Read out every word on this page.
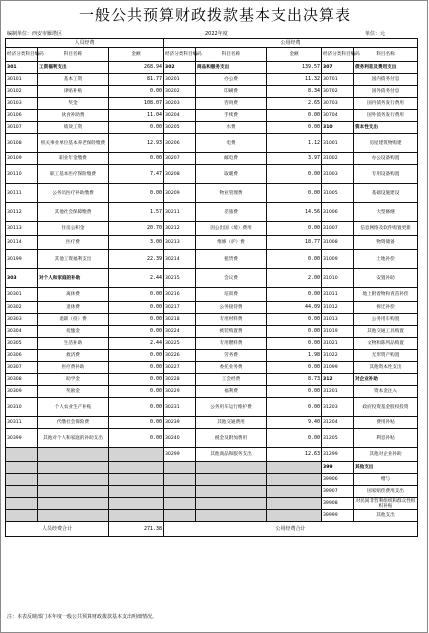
一般公共预算财政拨款基本支出决算表
编制单位：西安市雁塔区	2022年度	单位：元
人员经费			公用经费				
经济分类科目编码	科目名称	金额	经济分类科目编码	科目名称	金额	经济分类科目编码	科目名称
301	工资福利支出	268.94	302	商品和服务支出	139.57	307	债务利息及费用支出
30101	基本工资	81.77	30201	办公费	11.32	30701	国内债务付息
30102	津贴补贴	0.00	30202	印刷费	8.34	30702	国外债务付息
30103	奖金	108.07	30203	咨询费	2.65	30703	国内债务发行费用
30106	伙食补助费	11.04	30204	手续费	0.00	30704	国外债务发行费用
30107	绩效工资	0.00	30205	水费	0.00	310	资本性支出
30108	机关事业单位基本养老保险缴费	12.93	30206	电费	1.12	31001	房屋建筑物购建
30109	职业年金缴费	0.00	30207	邮电费	3.97	31002	办公设备购置
30110	职工基本医疗保险缴费	7.47	30208	取暖费	0.00	31003	专用设备购置
30111	公务员医疗补助缴费	0.00	30209	物业管理费	0.00	31005	基础设施建设
30112	其他社会保障缴费	1.57	30211	差旅费	14.56	31006	大型修缮
30113	住房公积金	20.70	30212	因公出国（境）费用	0.00	31007	信息网络及软件购置更新
30114	医疗费	3.00	30213	维修（护）费	18.77	31008	物资储备
30199	其他工资福利支出	22.39	30214	租赁费	0.00	31009	土地补偿
303	对个人和家庭的补助	2.44	30215	会议费	2.00	31010	安置补助
30301	离休费	0.00	30216	培训费	0.00	31011	地上附着物和青苗补偿
30302	退休费	0.00	30217	公务接待费	44.09	31012	拆迁补偿
30303	退职（役）费	0.00	30218	专用材料费	0.00	31013	公务用车购置
30304	抚恤金	0.00	30224	被装购置费	0.00	31019	其他交通工具购置
30305	生活补助	2.44	30225	专用燃料费	0.00	31021	文物和陈列品购置
30306	救济费	0.00	30226	劳务费	1.98	31022	无形资产购置
30307	医疗费补助	0.00	30227	委托业务费	0.00	31099	其他资本性支出
30308	助学金	0.00	30228	工会经费	8.73	312	对企业补助
30309	奖励金	0.00	30229	福利费	0.00	31201	资本金注入
30310	个人农业生产补贴	0.00	30231	公务用车运行维护费	0.00	31203	政府投资基金股权投资
30311	代缴社会保险费	0.00	30239	其他交通费用	9.40	31204	费用补贴
30399	其他对个人和家庭的补助支出	0.00	30240	税金及附加费用	0.00	31205	利息补贴
			30299	其他商品和服务支出	12.63	31299	其他对企业补助
						399	其他支出
						39906	赠与
						39907	国家赔偿费用支出
						39908	对民间非营利组织和群众性组织补贴
						39999	其他支出
人员经费合计		271.38	公用经费合计				
注：本表反映部门本年度一般公共预算财政拨款基本支出明细情况。
